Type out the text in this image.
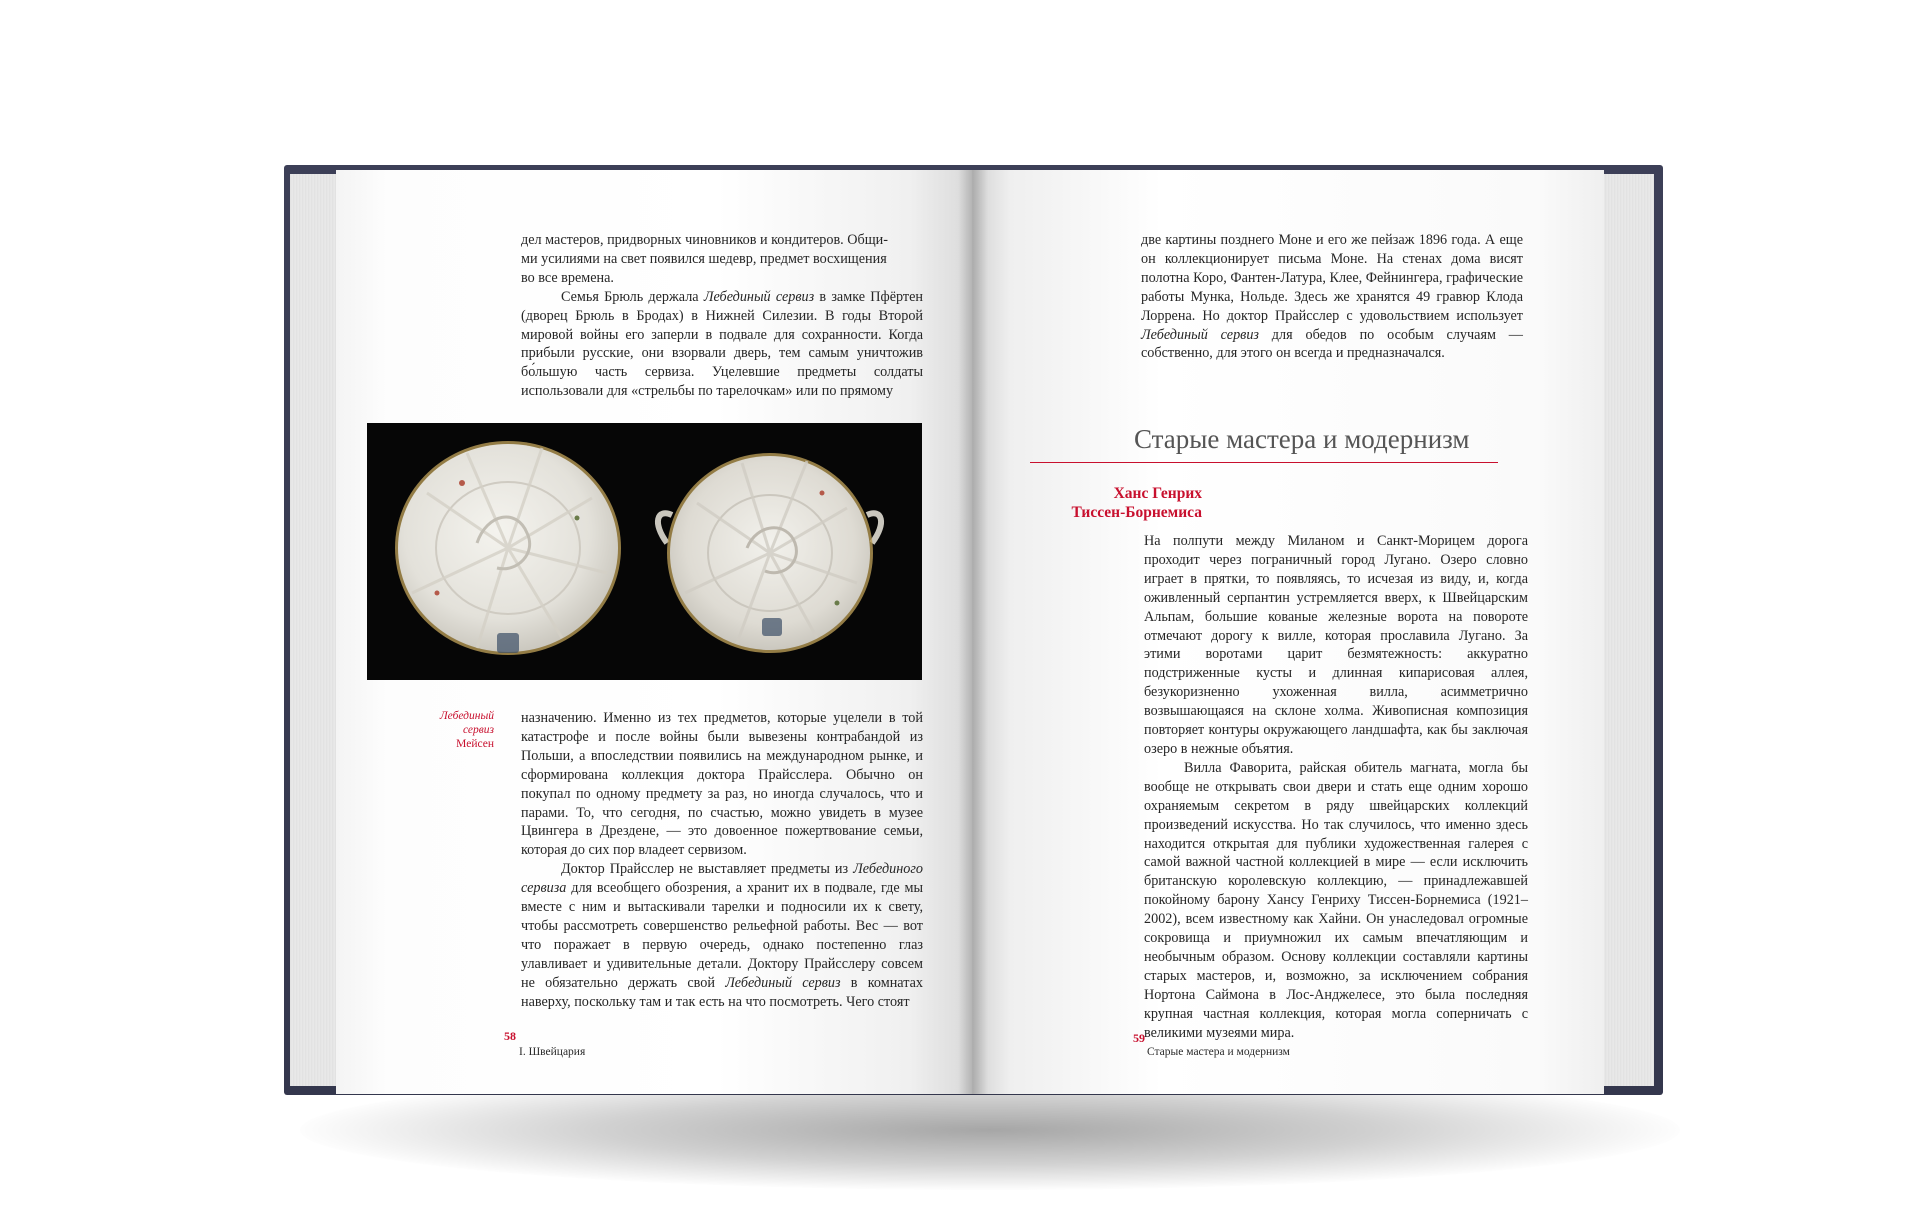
дел мастеров, придворных чиновников и кондитеров. Общи-

ми усилиями на свет появился шедевр, предмет восхищения

во все времена.

Семья Брюль держала Лебединый сервиз в замке Пфёртен (дворец Брюль в Бродах) в Нижней Силезии. В годы Второй мировой войны его заперли в подвале для сохранности. Когда прибыли русские, они взорвали дверь, тем самым уничтожив бо́льшую часть сервиза. Уцелевшие предметы солдаты использовали для «стрельбы по тарелочкам» или по прямому

Лебединый
сервиз
Мейсен

назначению. Именно из тех предметов, которые уцелели в той катастрофе и после войны были вывезены контрабандой из Польши, а впоследствии появились на международном рынке, и сформирована коллекция доктора Прайсслера. Обычно он покупал по одному предмету за раз, но иногда случалось, что и парами. То, что сегодня, по счастью, можно увидеть в музее Цвингера в Дрездене, — это довоенное пожертвование семьи, которая до сих пор владеет сервизом.

Доктор Прайсслер не выставляет предметы из Лебединого сервиза для всеобщего обозрения, а хранит их в подвале, где мы вместе с ним и вытаскивали тарелки и подносили их к свету, чтобы рассмотреть совершенство рельефной работы. Вес — вот что поражает в первую очередь, однако постепенно глаз улавливает и удивительные детали. Доктору Прайсслеру совсем не обязательно держать свой Лебединый сервиз в комнатах наверху, поскольку там и так есть на что посмотреть. Чего стоят

58
I. Швейцария

две картины позднего Моне и его же пейзаж 1896 года. А еще он коллекционирует письма Моне. На стенах дома висят полотна Коро, Фантен-Латура, Клее, Фейнингера, графические работы Мунка, Нольде. Здесь же хранятся 49 гравюр Клода Лоррена. Но доктор Прайсслер с удовольствием использует Лебединый сервиз для обедов по особым случаям — собственно, для этого он всегда и предназначался.

Старые мастера и модернизм
Ханс Генрих
Тиссен-Борнемиса

На полпути между Миланом и Санкт-Морицем дорога проходит через пограничный город Лугано. Озеро словно играет в прятки, то появляясь, то исчезая из виду, и, когда оживленный серпантин устремляется вверх, к Швейцарским Альпам, большие кованые железные ворота на повороте отмечают дорогу к вилле, которая прославила Лугано. За этими воротами царит безмятежность: аккуратно подстриженные кусты и длинная кипарисовая аллея, безукоризненно ухоженная вилла, асимметрично возвышающаяся на склоне холма. Живописная композиция повторяет контуры окружающего ландшафта, как бы заключая озеро в нежные объятия.

Вилла Фаворита, райская обитель магната, могла бы вообще не открывать свои двери и стать еще одним хорошо охраняемым секретом в ряду швейцарских коллекций произведений искусства. Но так случилось, что именно здесь находится открытая для публики художественная галерея с самой важной частной коллекцией в мире — если исключить британскую королевскую коллекцию, — принадлежавшей покойному барону Хансу Генриху Тиссен-Борнемиса (1921–2002), всем известному как Хайни. Он унаследовал огромные сокровища и приумножил их самым впечатляющим и необычным образом. Основу коллекции составляли картины старых мастеров, и, возможно, за исключением собрания Нортона Саймона в Лос-Анджелесе, это была последняя крупная частная коллекция, которая могла соперничать с великими музеями мира.

59
Старые мастера и модернизм
